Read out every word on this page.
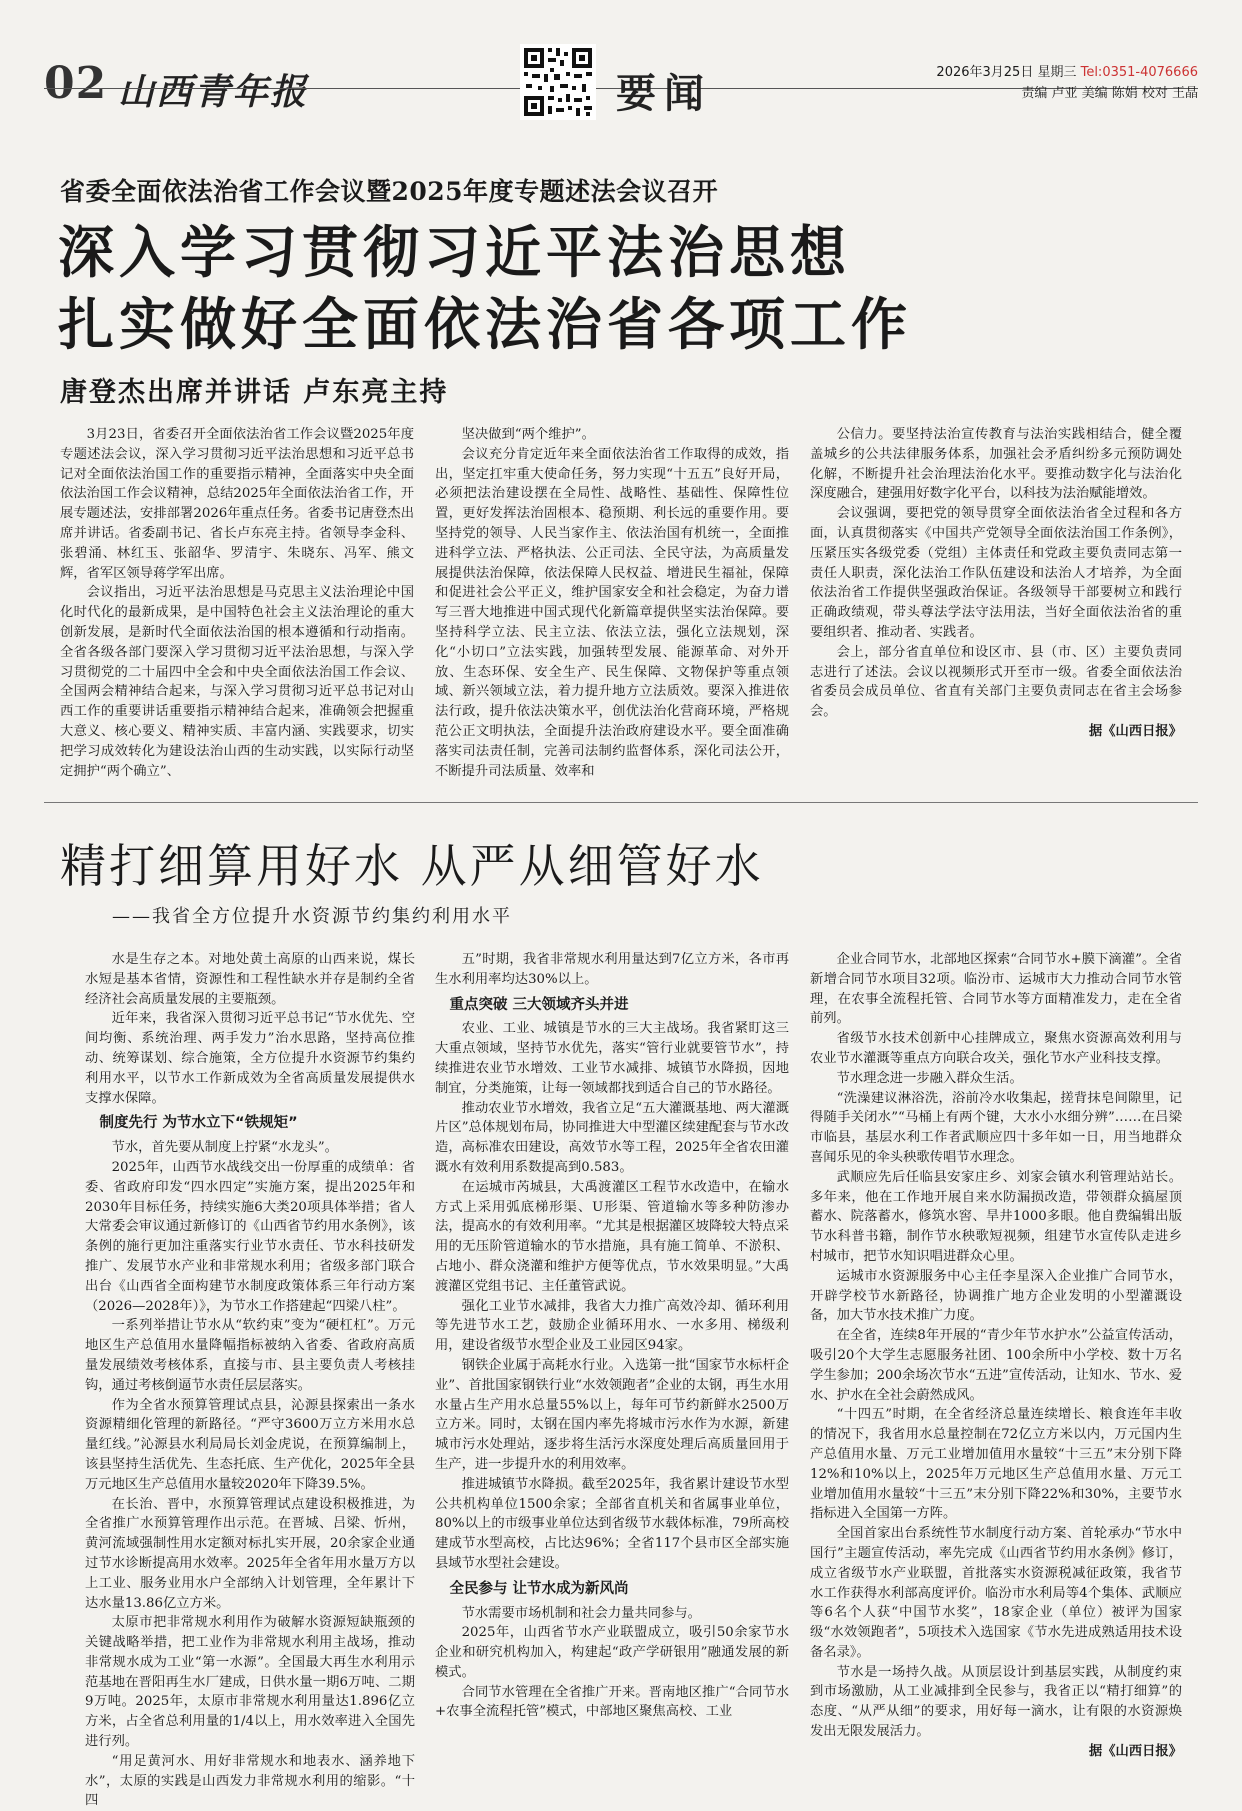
02 山西青年报	要闻	2026年3月25日 星期三 Tel:0351-4076666
责编 卢亚 美编 陈娟 校对 王晶
省委全面依法治省工作会议暨2025年度专题述法会议召开
深入学习贯彻习近平法治思想
扎实做好全面依法治省各项工作
唐登杰出席并讲话 卢东亮主持

3月23日，省委召开全面依法治省工作会议暨2025年度专题述法会议，深入学习贯彻习近平法治思想和习近平总书记对全面依法治国工作的重要指示精神，全面落实中央全面依法治国工作会议精神，总结2025年全面依法治省工作，开展专题述法，安排部署2026年重点任务。省委书记唐登杰出席并讲话。省委副书记、省长卢东亮主持。省领导李金科、张碧涌、林红玉、张韶华、罗清宇、朱晓东、冯军、熊文辉，省军区领导蒋学军出席。

会议指出，习近平法治思想是马克思主义法治理论中国化时代化的最新成果，是中国特色社会主义法治理论的重大创新发展，是新时代全面依法治国的根本遵循和行动指南。全省各级各部门要深入学习贯彻习近平法治思想，与深入学习贯彻党的二十届四中全会和中央全面依法治国工作会议、全国两会精神结合起来，与深入学习贯彻习近平总书记对山西工作的重要讲话重要指示精神结合起来，准确领会把握重大意义、核心要义、精神实质、丰富内涵、实践要求，切实把学习成效转化为建设法治山西的生动实践，以实际行动坚定拥护“两个确立”、

坚决做到“两个维护”。

会议充分肯定近年来全面依法治省工作取得的成效，指出，坚定扛牢重大使命任务，努力实现“十五五”良好开局，必须把法治建设摆在全局性、战略性、基础性、保障性位置，更好发挥法治固根本、稳预期、利长远的重要作用。要坚持党的领导、人民当家作主、依法治国有机统一，全面推进科学立法、严格执法、公正司法、全民守法，为高质量发展提供法治保障，依法保障人民权益、增进民生福祉，保障和促进社会公平正义，维护国家安全和社会稳定，为奋力谱写三晋大地推进中国式现代化新篇章提供坚实法治保障。要坚持科学立法、民主立法、依法立法，强化立法规划，深化“小切口”立法实践，加强转型发展、能源革命、对外开放、生态环保、安全生产、民生保障、文物保护等重点领域、新兴领域立法，着力提升地方立法质效。要深入推进依法行政，提升依法决策水平，创优法治化营商环境，严格规范公正文明执法，全面提升法治政府建设水平。要全面准确落实司法责任制，完善司法制约监督体系，深化司法公开，不断提升司法质量、效率和

公信力。要坚持法治宣传教育与法治实践相结合，健全覆盖城乡的公共法律服务体系，加强社会矛盾纠纷多元预防调处化解，不断提升社会治理法治化水平。要推动数字化与法治化深度融合，建强用好数字化平台，以科技为法治赋能增效。

会议强调，要把党的领导贯穿全面依法治省全过程和各方面，认真贯彻落实《中国共产党领导全面依法治国工作条例》，压紧压实各级党委（党组）主体责任和党政主要负责同志第一责任人职责，深化法治工作队伍建设和法治人才培养，为全面依法治省工作提供坚强政治保证。各级领导干部要树立和践行正确政绩观，带头尊法学法守法用法，当好全面依法治省的重要组织者、推动者、实践者。

会上，部分省直单位和设区市、县（市、区）主要负责同志进行了述法。会议以视频形式开至市一级。省委全面依法治省委员会成员单位、省直有关部门主要负责同志在省主会场参会。

据《山西日报》
精打细算用好水 从严从细管好水
——我省全方位提升水资源节约集约利用水平

水是生存之本。对地处黄土高原的山西来说，煤长水短是基本省情，资源性和工程性缺水并存是制约全省经济社会高质量发展的主要瓶颈。

近年来，我省深入贯彻习近平总书记“节水优先、空间均衡、系统治理、两手发力”治水思路，坚持高位推动、统筹谋划、综合施策，全方位提升水资源节约集约利用水平，以节水工作新成效为全省高质量发展提供水支撑水保障。

制度先行 为节水立下“铁规矩”

节水，首先要从制度上拧紧“水龙头”。

2025年，山西节水战线交出一份厚重的成绩单：省委、省政府印发“四水四定”实施方案，提出2025年和2030年目标任务，持续实施6大类20项具体举措；省人大常委会审议通过新修订的《山西省节约用水条例》，该条例的施行更加注重落实行业节水责任、节水科技研发推广、发展节水产业和非常规水利用；省级多部门联合出台《山西省全面构建节水制度政策体系三年行动方案（2026—2028年）》，为节水工作搭建起“四梁八柱”。

一系列举措让节水从“软约束”变为“硬杠杠”。万元地区生产总值用水量降幅指标被纳入省委、省政府高质量发展绩效考核体系，直接与市、县主要负责人考核挂钩，通过考核倒逼节水责任层层落实。

作为全省水预算管理试点县，沁源县探索出一条水资源精细化管理的新路径。“严守3600万立方米用水总量红线。”沁源县水利局局长刘金虎说，在预算编制上，该县坚持生活优先、生态托底、生产优化，2025年全县万元地区生产总值用水量较2020年下降39.5%。

在长治、晋中，水预算管理试点建设积极推进，为全省推广水预算管理作出示范。在晋城、吕梁、忻州，黄河流域强制性用水定额对标扎实开展，20余家企业通过节水诊断提高用水效率。2025年全省年用水量万方以上工业、服务业用水户全部纳入计划管理，全年累计下达水量13.86亿立方米。

太原市把非常规水利用作为破解水资源短缺瓶颈的关键战略举措，把工业作为非常规水利用主战场，推动非常规水成为工业“第一水源”。全国最大再生水利用示范基地在晋阳再生水厂建成，日供水量一期6万吨、二期9万吨。2025年，太原市非常规水利用量达1.896亿立方米，占全省总利用量的1/4以上，用水效率进入全国先进行列。

“用足黄河水、用好非常规水和地表水、涵养地下水”，太原的实践是山西发力非常规水利用的缩影。“十四

五”时期，我省非常规水利用量达到7亿立方米，各市再生水利用率均达30%以上。

重点突破 三大领域齐头并进

农业、工业、城镇是节水的三大主战场。我省紧盯这三大重点领域，坚持节水优先，落实“管行业就要管节水”，持续推进农业节水增效、工业节水减排、城镇节水降损，因地制宜，分类施策，让每一领域都找到适合自己的节水路径。

推动农业节水增效，我省立足“五大灌溉基地、两大灌溉片区”总体规划布局，协同推进大中型灌区续建配套与节水改造，高标准农田建设，高效节水等工程，2025年全省农田灌溉水有效利用系数提高到0.583。

在运城市芮城县，大禹渡灌区工程节水改造中，在输水方式上采用弧底梯形渠、U形渠、管道输水等多种防渗办法，提高水的有效利用率。“尤其是根据灌区坡降较大特点采用的无压阶管道输水的节水措施，具有施工简单、不淤积、占地小、群众浇灌和维护方便等优点，节水效果明显。”大禹渡灌区党组书记、主任董管武说。

强化工业节水减排，我省大力推广高效冷却、循环利用等先进节水工艺，鼓励企业循环用水、一水多用、梯级利用，建设省级节水型企业及工业园区94家。

钢铁企业属于高耗水行业。入选第一批“国家节水标杆企业”、首批国家钢铁行业“水效领跑者”企业的太钢，再生水用水量占生产用水总量55%以上，每年可节约新鲜水2500万立方米。同时，太钢在国内率先将城市污水作为水源，新建城市污水处理站，逐步将生活污水深度处理后高质量回用于生产，进一步提升水的利用效率。

推进城镇节水降损。截至2025年，我省累计建设节水型公共机构单位1500余家；全部省直机关和省属事业单位，80%以上的市级事业单位达到省级节水载体标准，79所高校建成节水型高校，占比达96%；全省117个县市区全部实施县域节水型社会建设。

全民参与 让节水成为新风尚

节水需要市场机制和社会力量共同参与。

2025年，山西省节水产业联盟成立，吸引50余家节水企业和研究机构加入，构建起“政产学研银用”融通发展的新模式。

合同节水管理在全省推广开来。晋南地区推广“合同节水+农事全流程托管”模式，中部地区聚焦高校、工业

企业合同节水，北部地区探索“合同节水+膜下滴灌”。全省新增合同节水项目32项。临汾市、运城市大力推动合同节水管理，在农事全流程托管、合同节水等方面精准发力，走在全省前列。

省级节水技术创新中心挂牌成立，聚焦水资源高效利用与农业节水灌溉等重点方向联合攻关，强化节水产业科技支撑。

节水理念进一步融入群众生活。

“洗澡建议淋浴洗，浴前冷水收集起，搓背抹皂间隙里，记得随手关闭水”“马桶上有两个键，大水小水细分辨”……在吕梁市临县，基层水利工作者武顺应四十多年如一日，用当地群众喜闻乐见的伞头秧歌传唱节水理念。

武顺应先后任临县安家庄乡、刘家会镇水利管理站站长。多年来，他在工作地开展自来水防漏损改造，带领群众搞屋顶蓄水、院落蓄水，修筑水窖、旱井1000多眼。他自费编辑出版节水科普书籍，制作节水秧歌短视频，组建节水宣传队走进乡村城市，把节水知识唱进群众心里。

运城市水资源服务中心主任李星深入企业推广合同节水，开辟学校节水新路径，协调推广地方企业发明的小型灌溉设备，加大节水技术推广力度。

在全省，连续8年开展的“青少年节水护水”公益宣传活动，吸引20个大学生志愿服务社团、100余所中小学校、数十万名学生参加；200余场次节水“五进”宣传活动，让知水、节水、爱水、护水在全社会蔚然成风。

“十四五”时期，在全省经济总量连续增长、粮食连年丰收的情况下，我省用水总量控制在72亿立方米以内，万元国内生产总值用水量、万元工业增加值用水量较“十三五”末分别下降12%和10%以上，2025年万元地区生产总值用水量、万元工业增加值用水量较“十三五”末分别下降22%和30%，主要节水指标进入全国第一方阵。

全国首家出台系统性节水制度行动方案、首轮承办“节水中国行”主题宣传活动，率先完成《山西省节约用水条例》修订，成立省级节水产业联盟，首批落实水资源税减征政策，我省节水工作获得水利部高度评价。临汾市水利局等4个集体、武顺应等6名个人获“中国节水奖”，18家企业（单位）被评为国家级“水效领跑者”，5项技术入选国家《节水先进成熟适用技术设备名录》。

节水是一场持久战。从顶层设计到基层实践，从制度约束到市场激励，从工业减排到全民参与，我省正以“精打细算”的态度、“从严从细”的要求，用好每一滴水，让有限的水资源焕发出无限发展活力。

据《山西日报》
